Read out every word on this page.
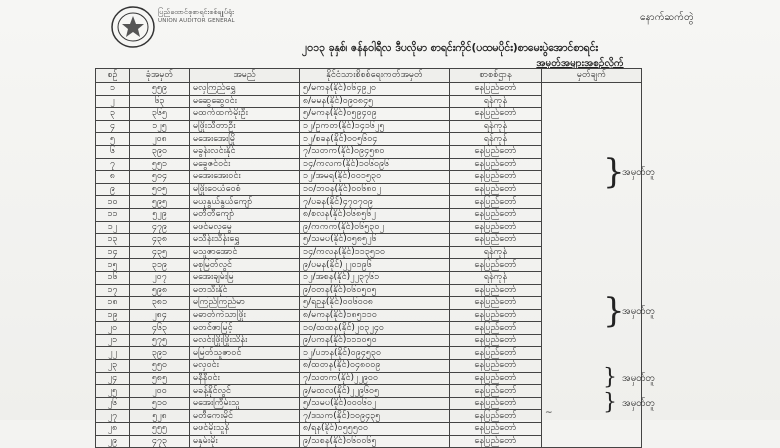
ပြည်ထောင်စုစာရင်းစစ်ချုပ်ရုံး
UNION AUDITOR GENERAL	နောက်ဆက်တွဲ
၂၀၁၃ ခုနှစ်၊ ဇန်နဝါရီလ ဒီပလိုမာ စာရင်းကိုင်(ပထမပိုင်း)စာမေးပွဲအောင်စာရင်း
အမှတ်အများအစဉ်လိုက်
စဉ်	ခုံအမှတ်	အမည်	နိုင်ငံသားစိစစ်ရေးကတ်အမှတ်	စာစစ်ဌာန	မှတ်ချက်
၁	၅၅၉	မလှကြည်ရွှေ	၅/မကန(နိုင်)၀၆၄၉၂၀	နေပြည်တော်	
၂	၆၃	မဆွေဆွေဝင်း	၈/မမန(နိုင်)၀၉၀၈၄၅	ရန်ကုန်	
၃	၃၆၅	မထက်ထက်မိုးဦး	၅/မကန(နိုင်)၀၅၉၄၀၉	နေပြည်တော်	
၄	၁၂၅	မဖြိုးသီတာဦး	၁၂/ဥကတ(နိုင်)၁၄၁၆၂၅	ရန်ကုန်	
၅	၂၀၈	မအေးအေးမြို	၁၂/စခန(နိုင်)၀၀၅၆၀၄	ရန်ကုန်	
၆	၃၉၀	မခွန်းလင်းနိုင်	၇/သတက(နိုင်)၀၉၄၅၈၀	နေပြည်တော်	
၇	၅၅၁	မခွေဇင်ဝင်း	၁၄/ကလက(နိုင်)၁၀၆၀၉၆	နေပြည်တော်	
၈	၅၀၄	မအေးအေးဝင်း	၁၂/အမရ(နိုင်)၀၀၁၅၃၀	နေပြည်တော်	
၉	၅၀၅	မဖြိုးဝေယံဝေစံ	၁၀/ဘဝန(နိုင်)၀၀၆၈၀၂	နေပြည်တော်	
၁၀	၅၉၅	မယုနွယ်နွယ်ကျော်	၇/ပခန(နိုင်)၄၇၀၇၀၉	နေပြည်တော်	
၁၁	၅၂၉	မတီတီကျော်	၈/စလန(နိုင်)၀၆၈၅၆၂	နေပြည်တော်	
၁၂	၄၇၉	မဖင်မလှမွေ	၉/ကကက(နိုင်)၀၆၅၃၀၂	နေပြည်တော်	
၁၃	၄၃၈	မသီန်းသီန်းရွှေ	၅/သမပ(နိုင်)၀၅၈၅၂၆	နေပြည်တော်	
၁၄	၄၃၅	မသူဇာအောင်	၁၄/ကလန(နိုင်)၁၁၃၅၁၀	ရန်ကုန်	
၁၅	၃၁၉	မစုမြတ်လွင်	၉/ပမန(နိုင်)၂၂၀၁၉၆	နေပြည်တော်	
၁၆	၂၀၇	မအေးချမ်းမြ	၁၂/အစန(နိုင်)၂၂၃၇၆၁	ရန်ကုန်	
၁၇	၅၉၈	မတသီးနိုင်	၉/ဝတန(နိုင်)၀၆၀၅၀၅	နေပြည်တော်	
၁၈	၃၈၁	မကြည်ကြည်မာ	၅/ရဉန(နိုင်)၀၀၆၀၀၈	နေပြည်တော်	
၁၉	၂၈၄	မဓာတ်ကဲသာဖြိုး	၈/မကန(နိုင်)၁၈၅၁၁၀	နေပြည်တော်	
၂၀	၄၆၃	မတင်ဇာမြင့်	၁၀/ထထန(နိုင်)၂၀၃၂၄၀	နေပြည်တော်	
၂၁	၅၇၅	မလင်းဖြိုးဖြိုးသိန်း	၉/ပကန(နိုင်)၁၁၁၀၅၀	နေပြည်တော်	
၂၂	၃၉၁	မမြတ်သူဇာဝင်	၁၂/ပဘန(နိုင်)၀၉၄၅၃၀	နေပြည်တော်	
၂၃	၅၅၀	မလှဝင်း	၈/ထတန(နိုင်)၀၄၈၀၀၉	နေပြည်တော်	
၂၄	၅၈၅	မနီနီဝင်း	၇/သတက(နိုင်)၂၂၉၀၀	နေပြည်တော်	
၂၅	၂၀၀	မခန့်နိုင်လွင်	၉/မထလ(နိုင်)၂၂၉၆၀၅	နေပြည်တော်	
၂၆	၅၁၀	မအေးကြီမ်းသူ	၅/သမပ(နိုင်)၀၀၀၆၀၂	နေပြည်တော်	
၂၇	၅၂၈	မတီကေးမိုင်	၇/ဒသက(နိုင်)၁၀၉၄၃၅	နေပြည်တော်	
၂၈	၅၅၅	မဖင်မိုးသူနိ	၈/ရန(နိုင်)၀၅၅၅၀၀	နေပြည်တော်	
၂၉	၄၇၃	မနှမ်းမိုး	၉/သစန(နိုင်)၀၆၀၀၆၅	နေပြည်တော်	
}
အမှတ်တူ
}
အမှတ်တူ
} အမှတ်တူ
} အမှတ်တူ
~
